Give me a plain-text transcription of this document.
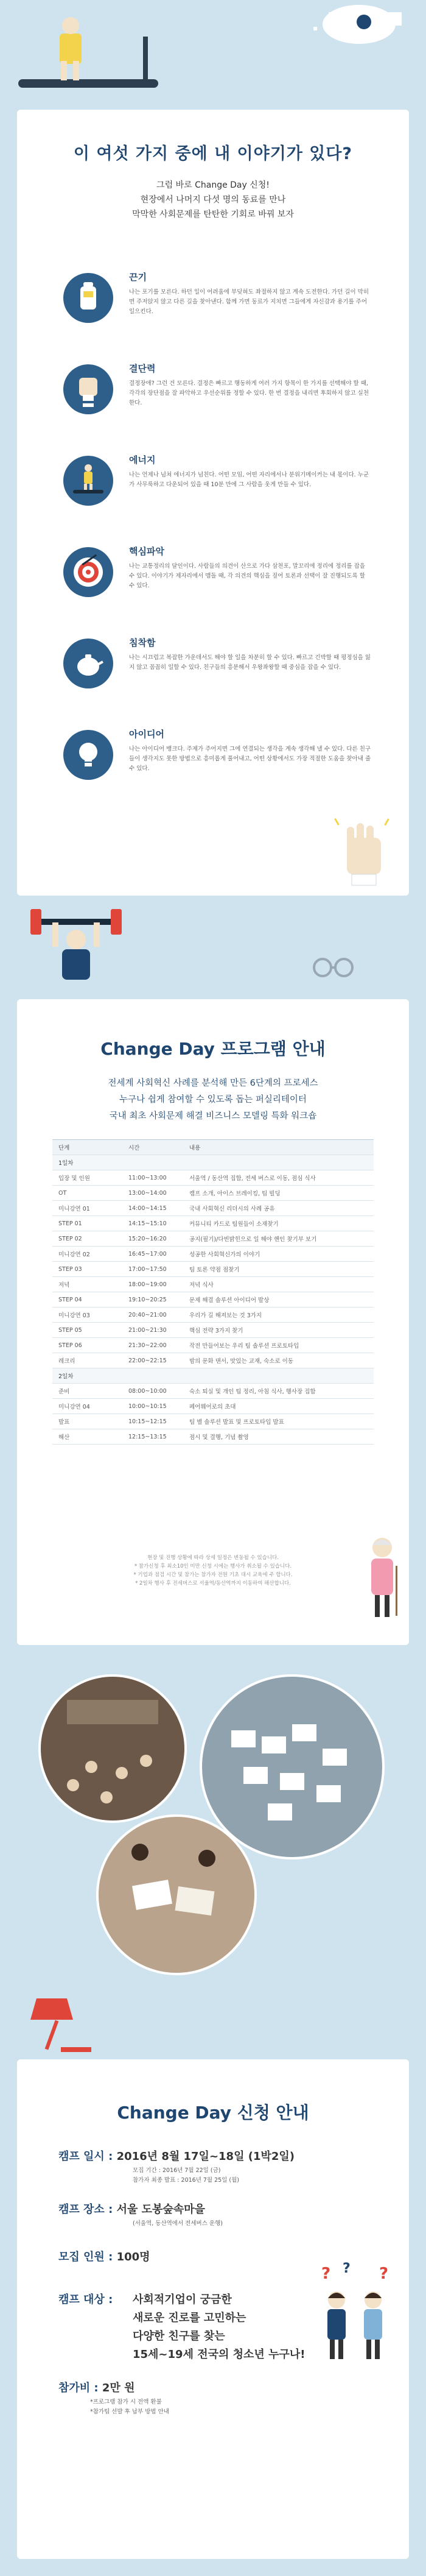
이 여섯 가지 중에 내 이야기가 있다?
그럼 바로 Change Day 신청!
현장에서 나머지 다섯 명의 동료를 만나
막막한 사회문제를 탄탄한 기회로 바꿔 보자
끈기
나는 포기를 모른다. 하던 일이 어려움에 부딪혀도 좌절하지 않고 계속 도전한다. 가던 길이 막히면 주저앉지 않고 다른 길을 찾아낸다. 함께 가면 동료가 지치면 그들에게 자신감과 용기를 주어 일으킨다.
결단력
결정장애? 그런 건 모른다. 결정은 빠르고 행동하게 여러 가지 항목이 한 가지를 선택해야 할 때, 각각의 장단점을 잘 파악하고 우선순위를 정할 수 있다. 한 번 결정을 내리면 후회하지 않고 실천한다.
에너지
나는 언제나 넘쳐 에너지가 넘친다. 어떤 모임, 어떤 자리에서나 분위기메이커는 내 몫이다. 누군가 사무룩하고 다운되어 있을 때 10분 만에 그 사람을 웃게 만들 수 있다.
핵심파악
나는 교통정리의 달인이다. 사람들의 의견이 산으로 가다 삼천포, 말꼬리에 정리에 정리를 잡을 수 있다. 이야기가 제자리에서 맴돌 때, 각 의견의 핵심을 짚어 토론과 선택이 잘 진행되도록 할 수 있다.
침착함
나는 시끄럽고 복잡한 가운데서도 해야 할 일을 차분히 할 수 있다. 빠르고 긴박할 때 평정심을 잃지 않고 꼼꼼히 일할 수 있다. 친구들의 흥분해서 우왕좌왕할 때 중심을 잡을 수 있다.
아이디어
나는 아이디어 뱅크다. 주제가 주어지면 그에 연결되는 생각을 계속 생각해 낼 수 있다. 다른 친구들이 생각지도 못한 방법으로 흥미롭게 풀어내고, 어떤 상황에서도 가장 적절한 도움을 찾아내 줄 수 있다.
Change Day 프로그램 안내
전세계 사회혁신 사례를 분석해 만든 6단계의 프로세스
누구나 쉽게 참여할 수 있도록 돕는 퍼실리테이터
국내 최초 사회문제 해결 비즈니스 모델링 특화 워크숍
단계	시간	내용
1일차		
입장 및 인원	11:00~13:00	서울역 / 동산역 집합, 전세 버스로 이동, 점심 식사
OT	13:00~14:00	캠프 소개, 아이스 브레이킹, 팀 빌딩
미니강연 01	14:00~14:15	국내 사회혁신 리더시의 사례 공유
STEP 01	14:15~15:10	커뮤니티 카드로 팀원들이 소재찾기
STEP 02	15:20~16:20	공지(필기)/다빈밝힌으로 일 해야 핸인 찾기부 보기
미니강연 02	16:45~17:00	성공한 사회혁신가의 이야기
STEP 03	17:00~17:50	팀 토론 약점 점찾기
저녁	18:00~19:00	저녁 식사
STEP 04	19:10~20:25	문제 해결 솔루션 아이디어 발상
미니강연 03	20:40~21:00	우리가 길 해져보는 것 3가지
STEP 05	21:00~21:30	핵심 전략 3가지 찾기
STEP 06	21:30~22:00	작전 만들어보는 우리 팀 솔루션 프로토타입
레크리	22:00~22:15	밤의 문화 댄서, 맛있는 교재, 숙소로 이동
2일차		
준비	08:00~10:00	숙소 퇴실 및 개인 팀 정리, 아침 식사, 행사장 집합
미니강연 04	10:00~10:15	페어웨어로의 초대
발표	10:15~12:15	팀 별 솔루션 발표 및 프로토타입 발표
해산	12:15~13:15	점시 및 결행, 기념 촬영
현장 및 진행 상황에 따라 상세 일정은 변동될 수 있습니다.
* 참가신청 후 최소10인 미만 신청 시에는 행사가 취소될 수 있습니다.
* 기업과 점검 시간 및 참가는 참가자 전원 기초 대시 교육에 주 합니다.
* 2일차 행사 후 전세버스로 서울역/동산역까지 이동하여 해산합니다.
Change Day 신청 안내
캠프 일시 : 2016년 8월 17일~18일 (1박2일)
모집 기간 : 2016년 7월 22일 (금)
참가자 최종 발표 : 2016년 7월 25일 (월)
캠프 장소 : 서울 도봉숲속마을
(서울역, 동산역에서 전세버스 운행)
모집 인원 : 100명
캠프 대상 : 사회적기업이 궁금한
새로운 진로를 고민하는
다양한 친구를 찾는
15세~19세 전국의 청소년 누구나!
참가비 : 2만 원
*프로그램 참가 시 전액 환불
*참가팀 선발 후 납부 방법 안내
? ? ?
